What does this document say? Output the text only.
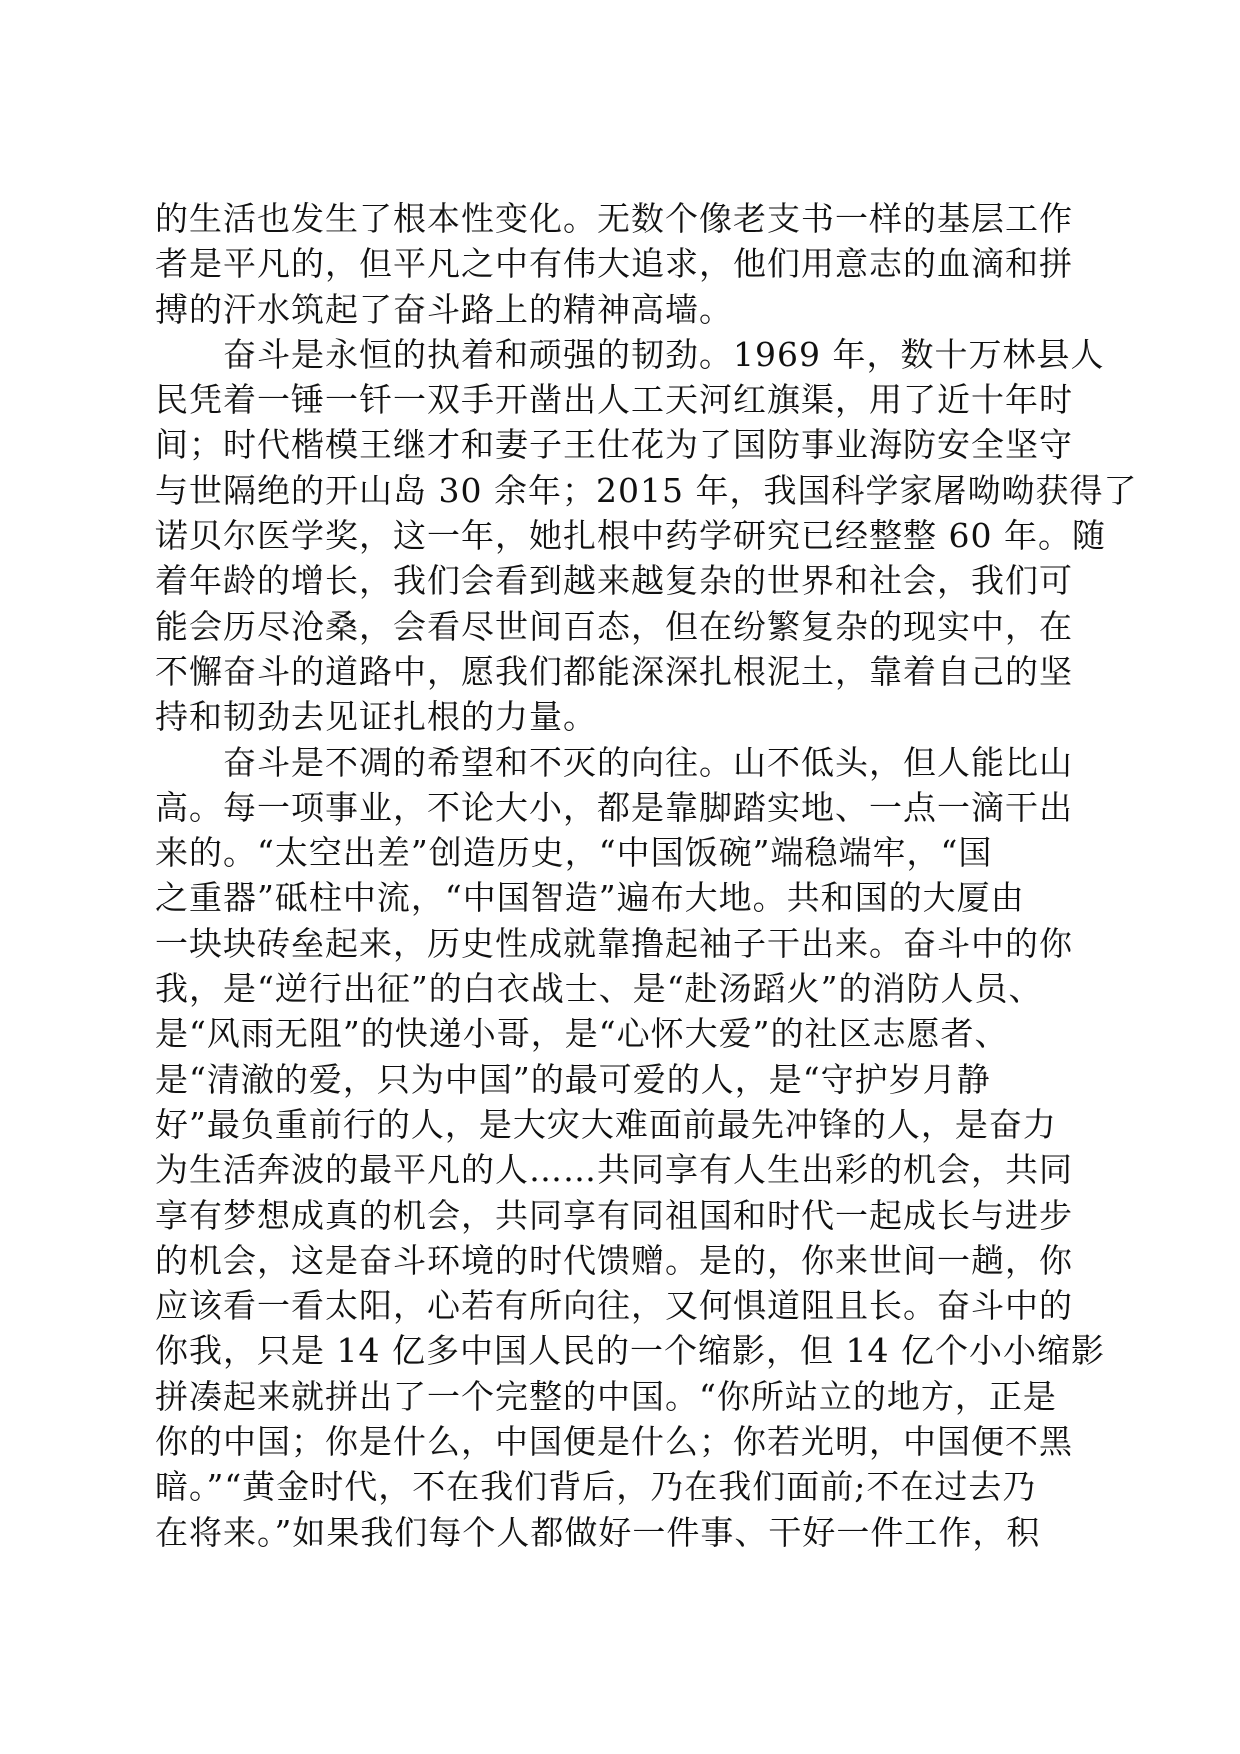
的生活也发生了根本性变化。无数个像老支书一样的基层工作
者是平凡的，但平凡之中有伟大追求，他们用意志的血滴和拼
搏的汗水筑起了奋斗路上的精神高墙。
　　奋斗是永恒的执着和顽强的韧劲。1969 年，数十万林县人
民凭着一锤一钎一双手开凿出人工天河红旗渠，用了近十年时
间；时代楷模王继才和妻子王仕花为了国防事业海防安全坚守
与世隔绝的开山岛 30 余年；2015 年，我国科学家屠呦呦获得了
诺贝尔医学奖，这一年，她扎根中药学研究已经整整 60 年。随
着年龄的增长，我们会看到越来越复杂的世界和社会，我们可
能会历尽沧桑，会看尽世间百态，但在纷繁复杂的现实中，在
不懈奋斗的道路中，愿我们都能深深扎根泥土，靠着自己的坚
持和韧劲去见证扎根的力量。
　　奋斗是不凋的希望和不灭的向往。山不低头，但人能比山
高。每一项事业，不论大小，都是靠脚踏实地、一点一滴干出
来的。“太空出差”创造历史，“中国饭碗”端稳端牢，“国
之重器”砥柱中流，“中国智造”遍布大地。共和国的大厦由
一块块砖垒起来，历史性成就靠撸起袖子干出来。奋斗中的你
我，是“逆行出征”的白衣战士、是“赴汤蹈火”的消防人员、
是“风雨无阻”的快递小哥，是“心怀大爱”的社区志愿者、
是“清澈的爱，只为中国”的最可爱的人，是“守护岁月静
好”最负重前行的人，是大灾大难面前最先冲锋的人，是奋力
为生活奔波的最平凡的人……共同享有人生出彩的机会，共同
享有梦想成真的机会，共同享有同祖国和时代一起成长与进步
的机会，这是奋斗环境的时代馈赠。是的，你来世间一趟，你
应该看一看太阳，心若有所向往，又何惧道阻且长。奋斗中的
你我，只是 14 亿多中国人民的一个缩影，但 14 亿个小小缩影
拼凑起来就拼出了一个完整的中国。“你所站立的地方，正是
你的中国；你是什么，中国便是什么；你若光明，中国便不黑
暗。”“黄金时代，不在我们背后，乃在我们面前;不在过去乃
在将来。”如果我们每个人都做好一件事、干好一件工作，积
